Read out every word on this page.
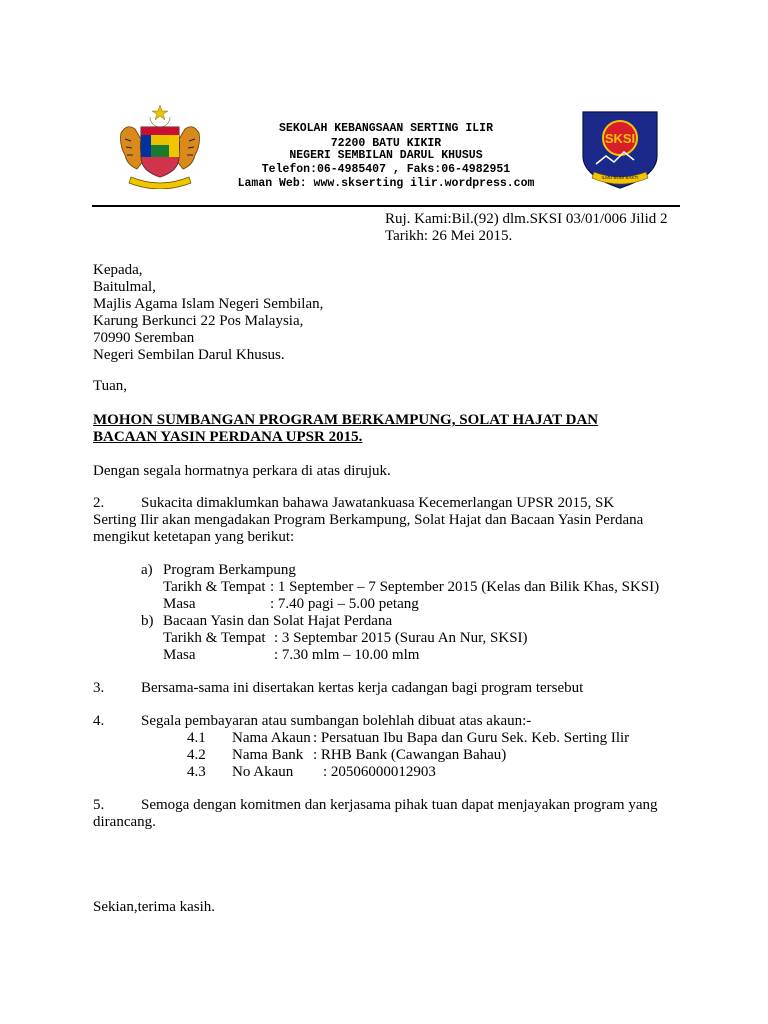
SKSI
ILMU BUDI BAKTI
SEKOLAH KEBANGSAAN SERTING ILIR
72200 BATU KIKIR
NEGERI SEMBILAN DARUL KHUSUS
Telefon:06-4985407 , Faks:06-4982951
Laman Web: www.skserting ilir.wordpress.com
Ruj. Kami:Bil.(92) dlm.SKSI 03/01/006 Jilid 2
Tarikh: 26 Mei 2015.
Kepada,
Baitulmal,
Majlis Agama Islam Negeri Sembilan,
Karung Berkunci 22 Pos Malaysia,
70990 Seremban
Negeri Sembilan Darul Khusus.
Tuan,
MOHON SUMBANGAN PROGRAM BERKAMPUNG, SOLAT HAJAT DAN
BACAAN YASIN PERDANA UPSR 2015.
Dengan segala hormatnya perkara di atas dirujuk.
2. Sukacita dimaklumkan bahawa Jawatankuasa Kecemerlangan UPSR 2015, SK
Serting Ilir akan mengadakan Program Berkampung, Solat Hajat dan Bacaan Yasin Perdana
mengikut ketetapan yang berikut:
a) Program Berkampung
Tarikh & Tempat : 1 September – 7 September 2015 (Kelas dan Bilik Khas, SKSI)
Masa	: 7.40 pagi – 5.00 petang
b) Bacaan Yasin dan Solat Hajat Perdana
Tarikh & Tempat : 3 Septembar 2015 (Surau An Nur, SKSI)
Masa	: 7.30 mlm – 10.00 mlm
3. Bersama-sama ini disertakan kertas kerja cadangan bagi program tersebut
4. Segala pembayaran atau sumbangan bolehlah dibuat atas akaun:-
4.1 Nama Akaun : Persatuan Ibu Bapa dan Guru Sek. Keb. Serting Ilir
4.2 Nama Bank : RHB Bank (Cawangan Bahau)
4.3 No Akaun : 20506000012903
5. Semoga dengan komitmen dan kerjasama pihak tuan dapat menjayakan program yang
dirancang.
Sekian,terima kasih.
